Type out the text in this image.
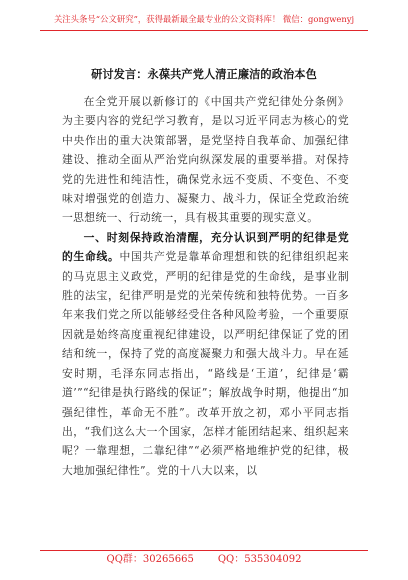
关注头条号“公文研究”，获得最新最全最专业的公文资料库！ 微信：gongwenyj
研讨发言：永葆共产党人清正廉洁的政治本色

在全党开展以新修订的《中国共产党纪律处分条例》为主要内容的党纪学习教育，是以习近平同志为核心的党中央作出的重大决策部署，是党坚持自我革命、加强纪律建设、推动全面从严治党向纵深发展的重要举措。对保持党的先进性和纯洁性，确保党永远不变质、不变色、不变味对增强党的创造力、凝聚力、战斗力，保证全党政治统一思想统一、行动统一，具有极其重要的现实意义。

一、时刻保持政治清醒，充分认识到严明的纪律是党的生命线。中国共产党是靠革命理想和铁的纪律组织起来的马克思主义政党，严明的纪律是党的生命线，是事业制胜的法宝，纪律严明是党的光荣传统和独特优势。一百多年来我们党之所以能够经受住各种风险考验，一个重要原因就是始终高度重视纪律建设，以严明纪律保证了党的团结和统一，保持了党的高度凝聚力和强大战斗力。早在延安时期，毛泽东同志指出，“路线是‘王道’，纪律是‘霸道’”“纪律是执行路线的保证”；解放战争时期，他提出“加强纪律性，革命无不胜”。改革开放之初，邓小平同志指出，“我们这么大一个国家，怎样才能团结起来、组织起来呢？一靠理想，二靠纪律”“必须严格地维护党的纪律，极大地加强纪律性”。党的十八大以来，以

QQ群：30265665 QQ：535304092
